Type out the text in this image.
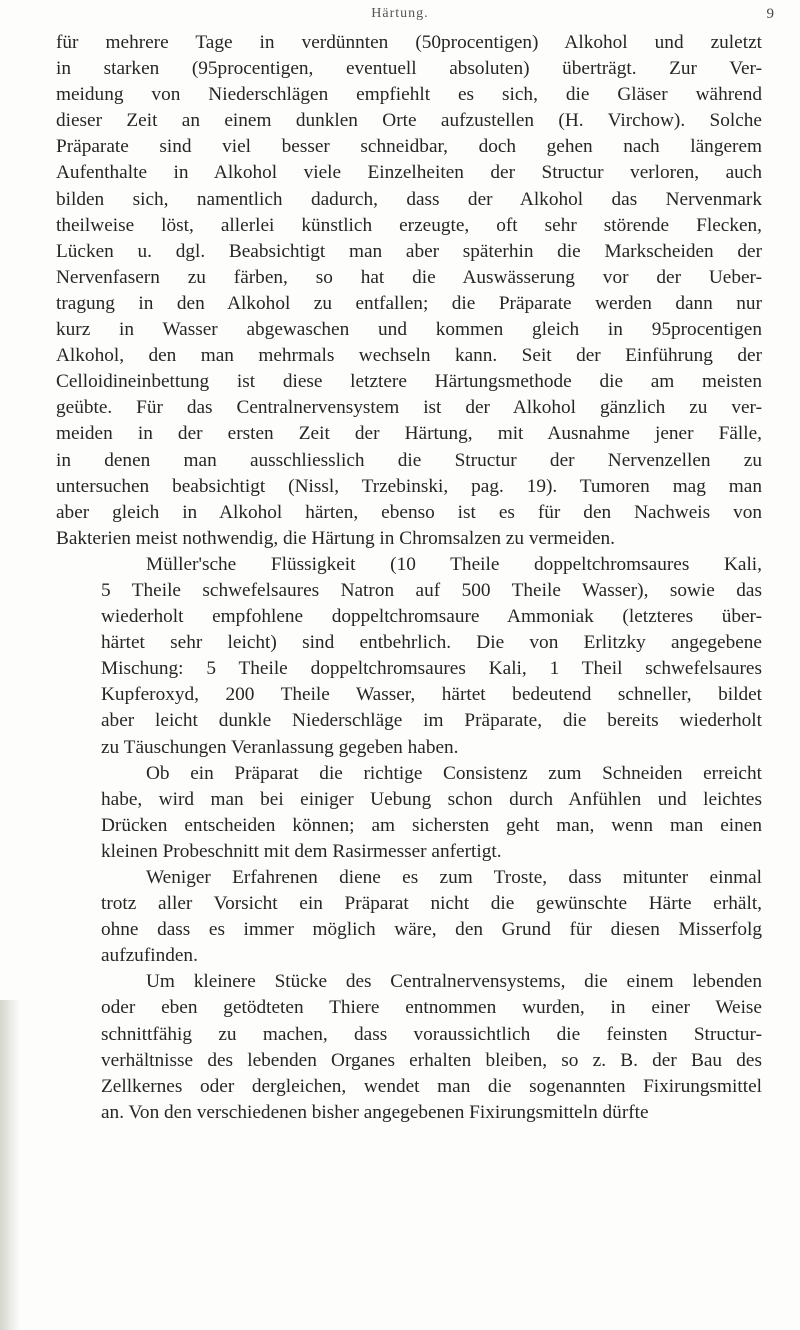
Härtung.	9
für mehrere Tage in verdünnten (50procentigen) Alkohol und zuletzt
in starken (95procentigen, eventuell absoluten) überträgt. Zur Ver-
meidung von Niederschlägen empfiehlt es sich, die Gläser während
dieser Zeit an einem dunklen Orte aufzustellen (H. Virchow). Solche
Präparate sind viel besser schneidbar, doch gehen nach längerem
Aufenthalte in Alkohol viele Einzelheiten der Structur verloren, auch
bilden sich, namentlich dadurch, dass der Alkohol das Nervenmark
theilweise löst, allerlei künstlich erzeugte, oft sehr störende Flecken,
Lücken u. dgl. Beabsichtigt man aber späterhin die Markscheiden der
Nervenfasern zu färben, so hat die Auswässerung vor der Ueber-
tragung in den Alkohol zu entfallen; die Präparate werden dann nur
kurz in Wasser abgewaschen und kommen gleich in 95procentigen
Alkohol, den man mehrmals wechseln kann. Seit der Einführung der
Celloidineinbettung ist diese letztere Härtungsmethode die am meisten
geübte. Für das Centralnervensystem ist der Alkohol gänzlich zu ver-
meiden in der ersten Zeit der Härtung, mit Ausnahme jener Fälle,
in denen man ausschliesslich die Structur der Nervenzellen zu
untersuchen beabsichtigt (Nissl, Trzebinski, pag. 19). Tumoren mag man
aber gleich in Alkohol härten, ebenso ist es für den Nachweis von
Bakterien meist nothwendig, die Härtung in Chromsalzen zu vermeiden.
Müller'sche Flüssigkeit (10 Theile doppeltchromsaures Kali,
5 Theile schwefelsaures Natron auf 500 Theile Wasser), sowie das
wiederholt empfohlene doppeltchromsaure Ammoniak (letzteres über-
härtet sehr leicht) sind entbehrlich. Die von Erlitzky angegebene
Mischung: 5 Theile doppeltchromsaures Kali, 1 Theil schwefelsaures
Kupferoxyd, 200 Theile Wasser, härtet bedeutend schneller, bildet
aber leicht dunkle Niederschläge im Präparate, die bereits wiederholt
zu Täuschungen Veranlassung gegeben haben.
Ob ein Präparat die richtige Consistenz zum Schneiden erreicht
habe, wird man bei einiger Uebung schon durch Anfühlen und leichtes
Drücken entscheiden können; am sichersten geht man, wenn man einen
kleinen Probeschnitt mit dem Rasirmesser anfertigt.
Weniger Erfahrenen diene es zum Troste, dass mitunter einmal
trotz aller Vorsicht ein Präparat nicht die gewünschte Härte erhält,
ohne dass es immer möglich wäre, den Grund für diesen Misserfolg
aufzufinden.
Um kleinere Stücke des Centralnervensystems, die einem lebenden
oder eben getödteten Thiere entnommen wurden, in einer Weise
schnittfähig zu machen, dass voraussichtlich die feinsten Structur-
verhältnisse des lebenden Organes erhalten bleiben, so z. B. der Bau des
Zellkernes oder dergleichen, wendet man die sogenannten Fixirungsmittel
an. Von den verschiedenen bisher angegebenen Fixirungsmitteln dürfte
